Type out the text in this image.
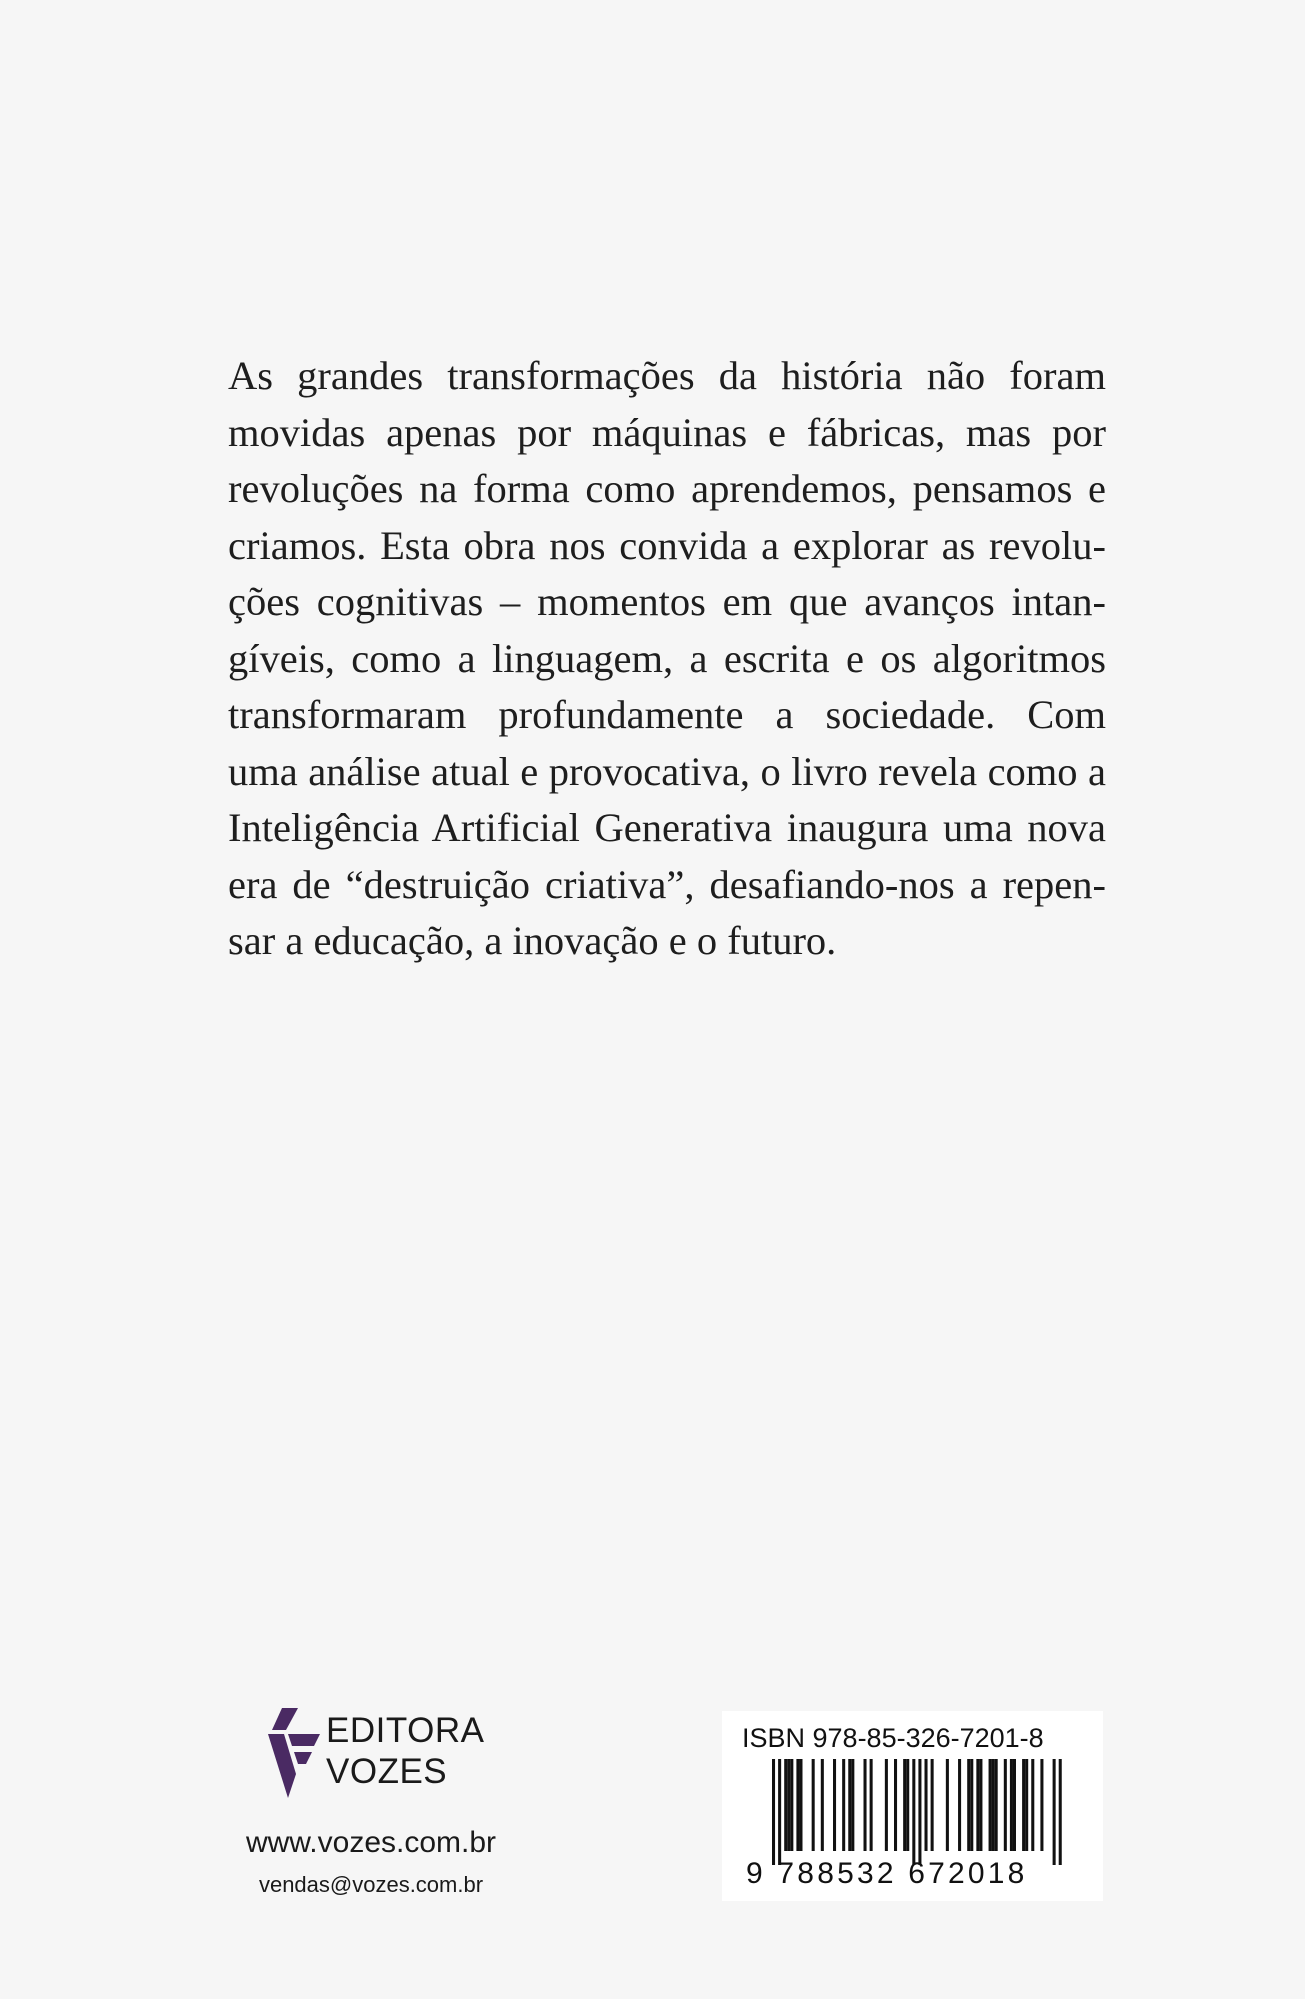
As grandes transformações da história não foram
movidas apenas por máquinas e fábricas, mas por
revoluções na forma como aprendemos, pensamos e
criamos. Esta obra nos convida a explorar as revolu-
ções cognitivas – momentos em que avanços intan-
gíveis, como a linguagem, a escrita e os algoritmos
transformaram profundamente a sociedade. Com
uma análise atual e provocativa, o livro revela como a
Inteligência Artificial Generativa inaugura uma nova
era de “destruição criativa”, desafiando-nos a repen-
sar a educação, a inovação e o futuro.
EDITORA
VOZES
www.vozes.com.br
vendas@vozes.com.br
ISBN 978-85-326-7201-8
9 788532 672018
